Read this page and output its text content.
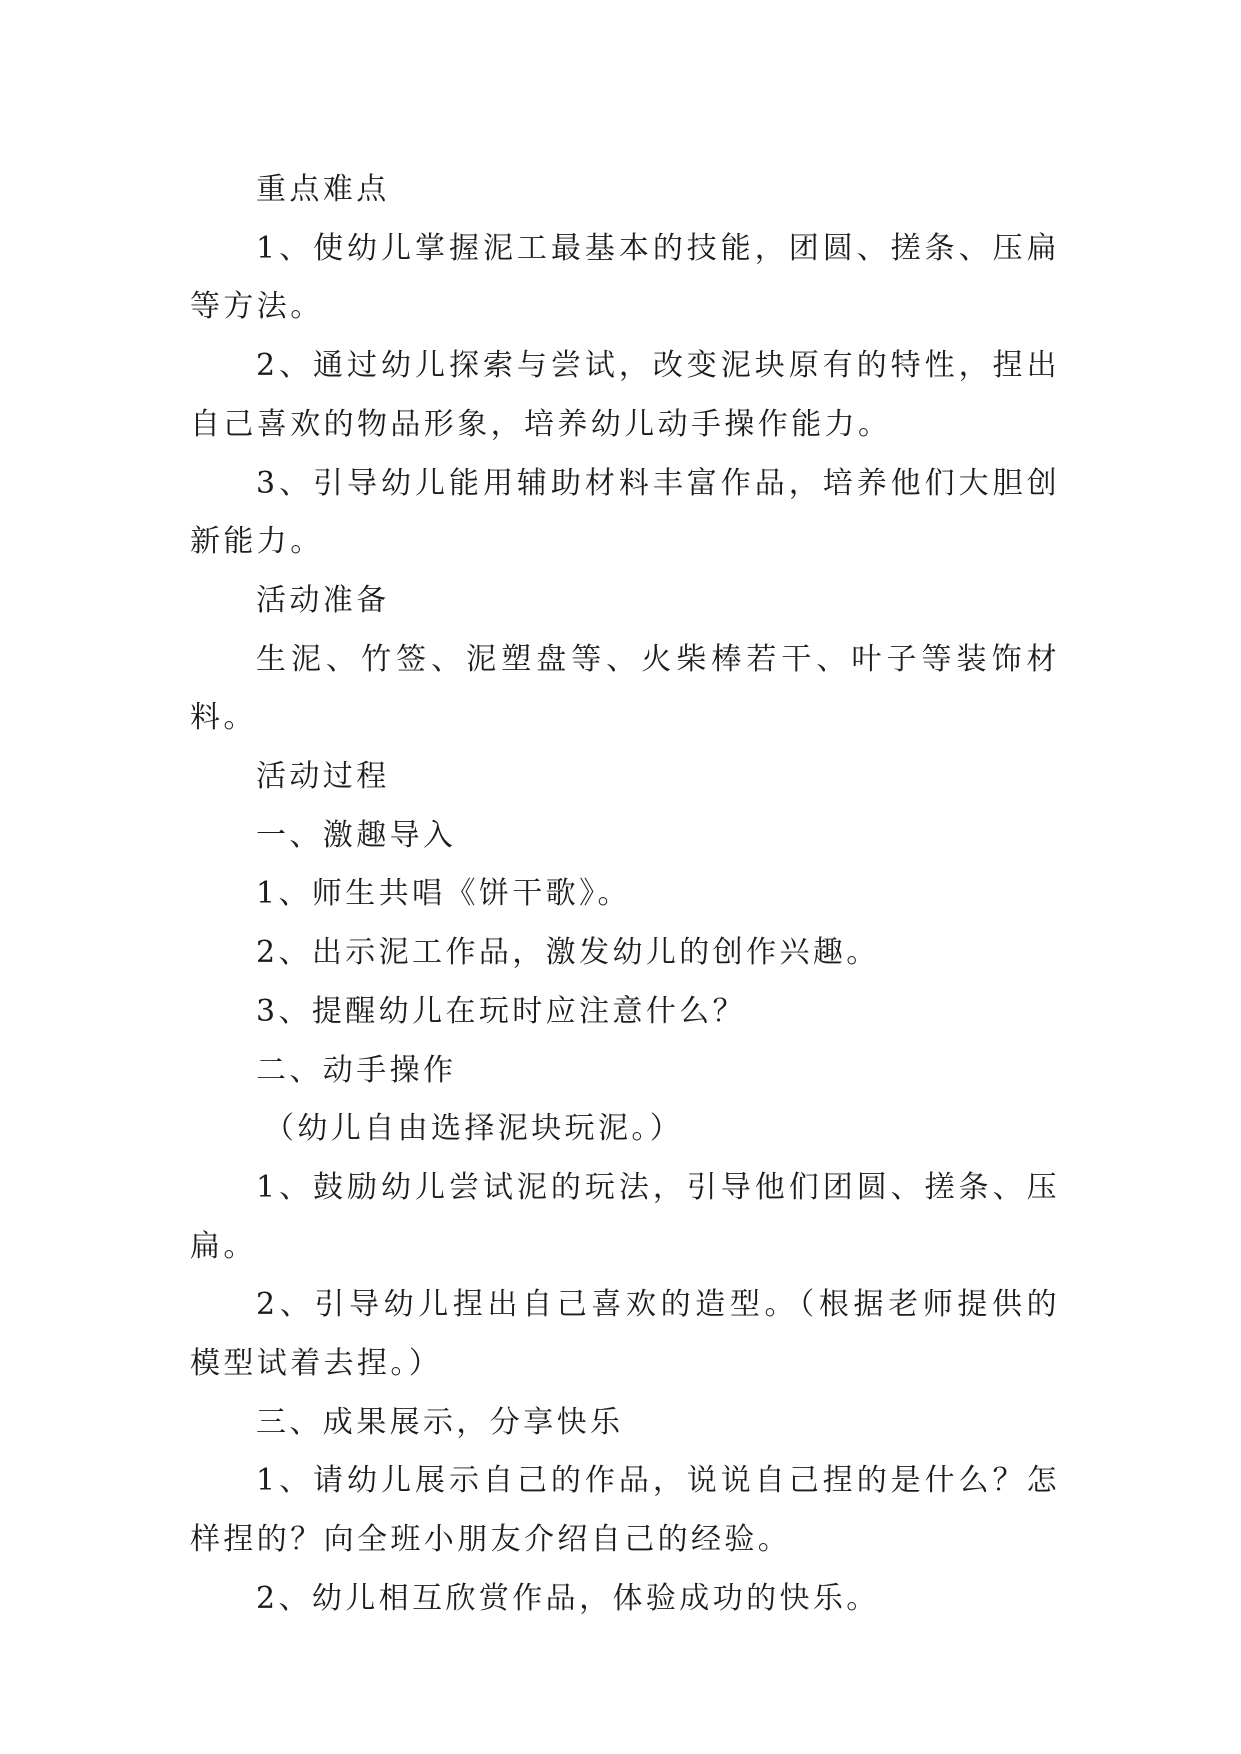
重点难点

1、使幼儿掌握泥工最基本的技能，团圆、搓条、压扁等方法。

2、通过幼儿探索与尝试，改变泥块原有的特性，捏出自己喜欢的物品形象，培养幼儿动手操作能力。

3、引导幼儿能用辅助材料丰富作品，培养他们大胆创新能力。

活动准备

生泥、竹签、泥塑盘等、火柴棒若干、叶子等装饰材料。

活动过程

一、激趣导入

1、师生共唱《饼干歌》。

2、出示泥工作品，激发幼儿的创作兴趣。

3、提醒幼儿在玩时应注意什么？

二、动手操作

（幼儿自由选择泥块玩泥。）

1、鼓励幼儿尝试泥的玩法，引导他们团圆、搓条、压扁。

2、引导幼儿捏出自己喜欢的造型。（根据老师提供的模型试着去捏。）

三、成果展示，分享快乐

1、请幼儿展示自己的作品，说说自己捏的是什么？怎样捏的？向全班小朋友介绍自己的经验。

2、幼儿相互欣赏作品，体验成功的快乐。
